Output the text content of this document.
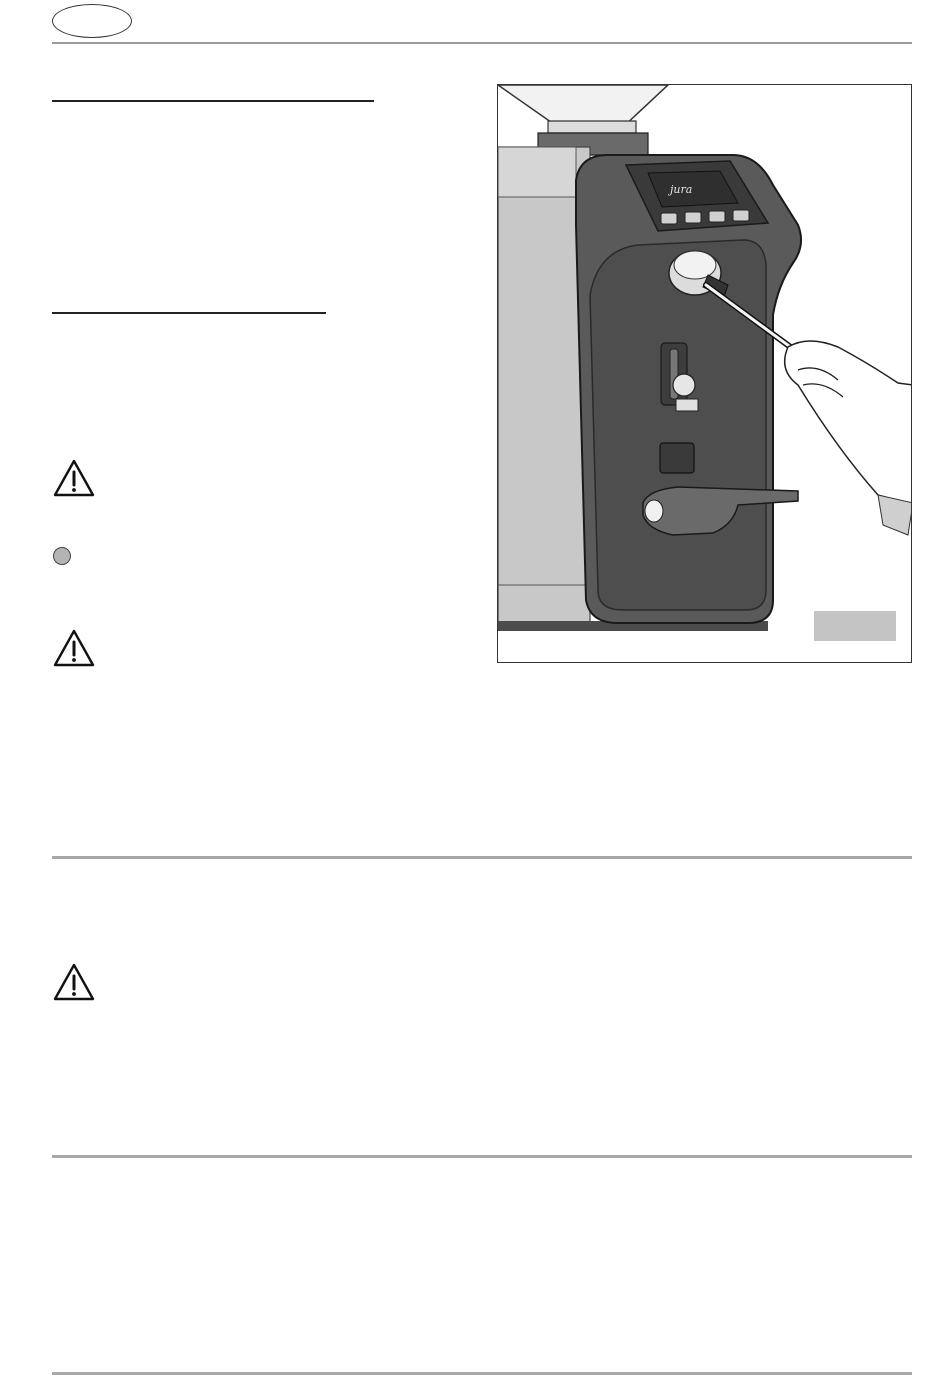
jura
